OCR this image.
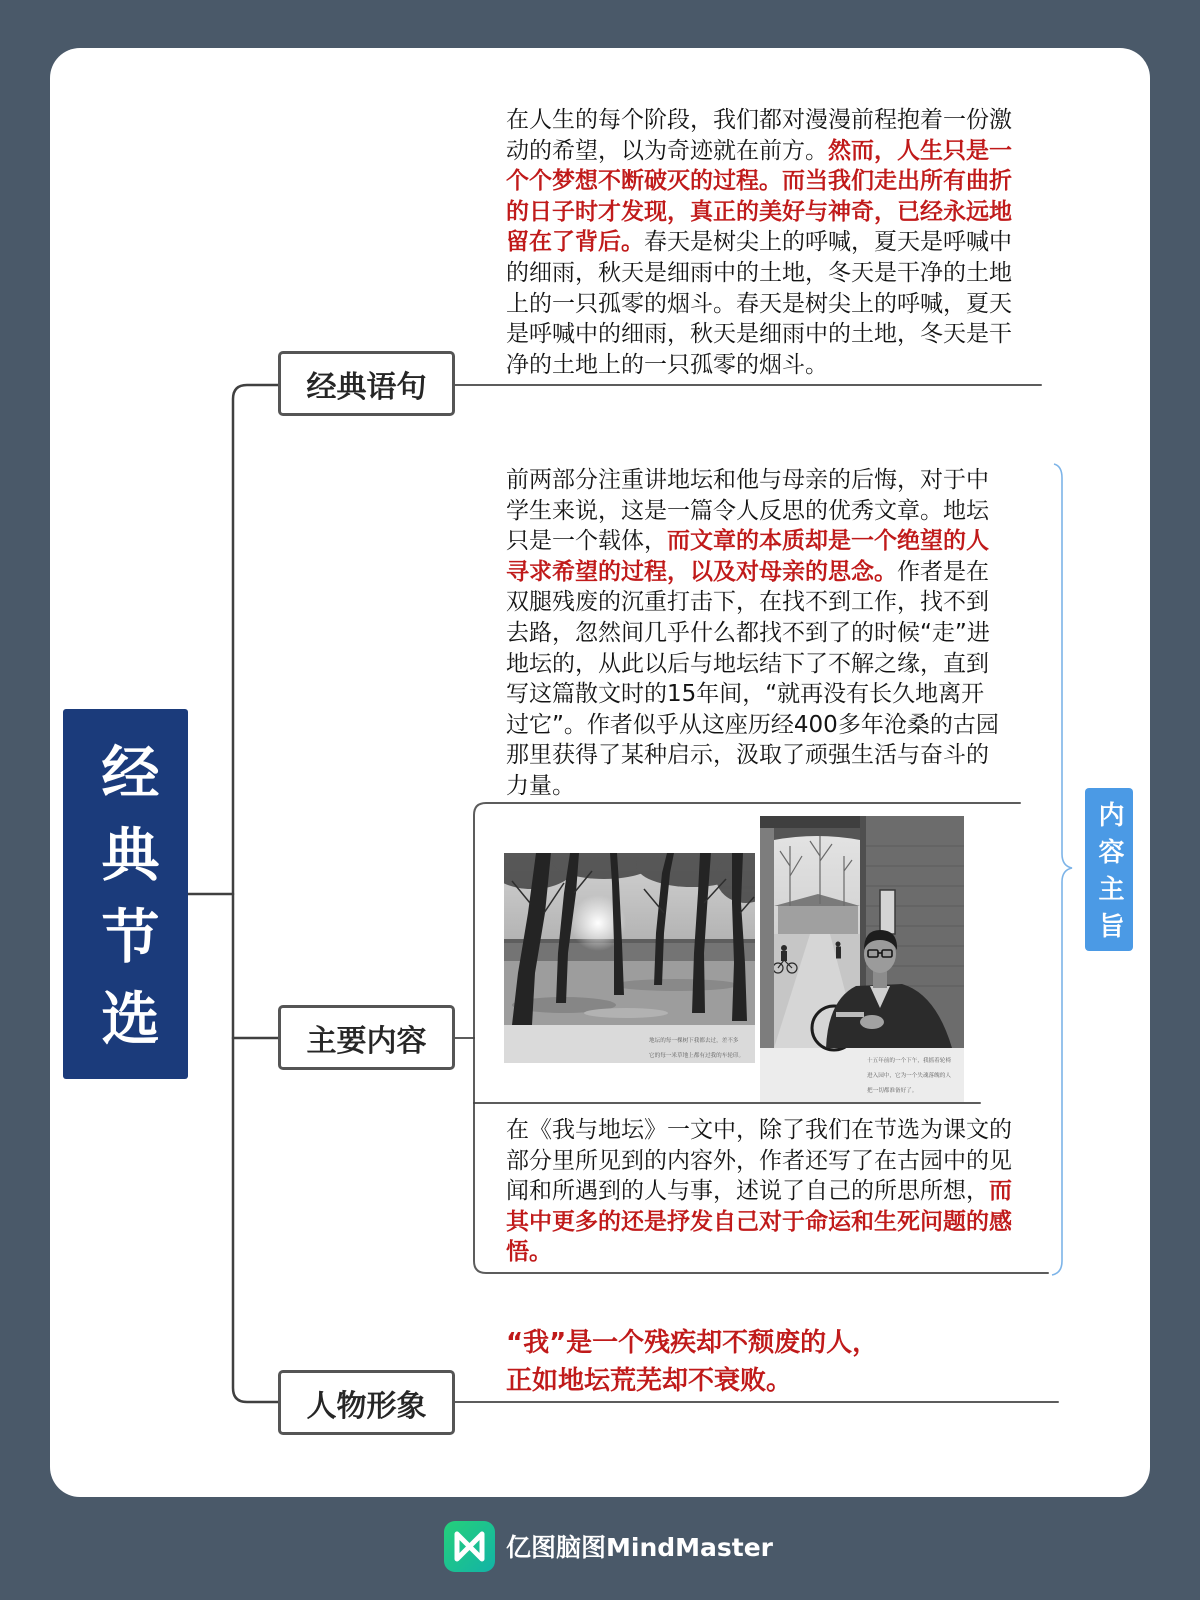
经典节选
经典语句
主要内容
人物形象
在人生的每个阶段，我们都对漫漫前程抱着一份激动的希望，以为奇迹就在前方。然而，人生只是一个个梦想不断破灭的过程。而当我们走出所有曲折的日子时才发现，真正的美好与神奇，已经永远地留在了背后。春天是树尖上的呼喊，夏天是呼喊中的细雨，秋天是细雨中的土地，冬天是干净的土地上的一只孤零的烟斗。春天是树尖上的呼喊，夏天是呼喊中的细雨，秋天是细雨中的土地，冬天是干净的土地上的一只孤零的烟斗。
前两部分注重讲地坛和他与母亲的后悔，对于中学生来说，这是一篇令人反思的优秀文章。地坛只是一个载体，而文章的本质却是一个绝望的人寻求希望的过程，以及对母亲的思念。作者是在双腿残废的沉重打击下，在找不到工作，找不到去路，忽然间几乎什么都找不到了的时候“走”进地坛的，从此以后与地坛结下了不解之缘，直到写这篇散文时的15年间，“就再没有长久地离开过它”。作者似乎从这座历经400多年沧桑的古园那里获得了某种启示，汲取了顽强生活与奋斗的力量。
地坛的每一棵树下我都去过，差不多
它的每一米草地上都有过我的车轮印。
十五年前的一个下午，我摇着轮椅
进入园中，它为一个失魂落魄的人
把一切都准备好了。
在《我与地坛》一文中，除了我们在节选为课文的部分里所见到的内容外，作者还写了在古园中的见闻和所遇到的人与事，述说了自己的所思所想，而其中更多的还是抒发自己对于命运和生死问题的感悟。
“我”是一个残疾却不颓废的人，
正如地坛荒芜却不衰败。
内容主旨
亿图脑图MindMaster
